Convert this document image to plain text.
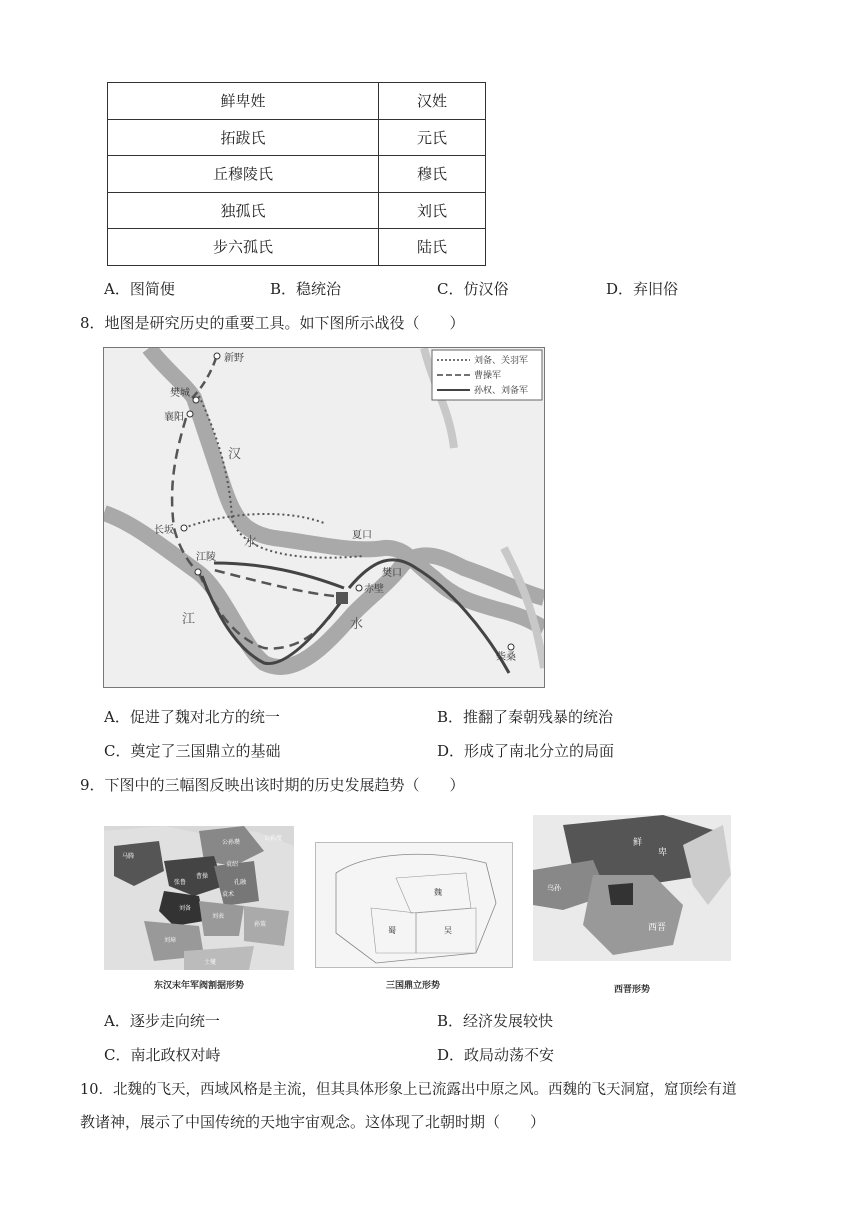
鲜卑姓	汉姓
拓跋氏	元氏
丘穆陵氏	穆氏
独孤氏	刘氏
步六孤氏	陆氏
A．图简便	B．稳统治	C．仿汉俗	D．弃旧俗
8．地图是研究历史的重要工具。如下图所示战役（　　）
新野
樊城
襄阳
长坂
江陵
夏口
樊口
赤壁
柴桑
汉
水
江	水
刘备、关羽军
曹操军
孙权、刘备军
A．促进了魏对北方的统一	B．推翻了秦朝残暴的统治
C．奠定了三国鼎立的基础	D．形成了南北分立的局面
9．下图中的三幅图反映出该时期的历史发展趋势（　　）
马腾
公孙瓒
袁绍
公孙度
张鲁
曹操
刘备
刘表
孙策
刘璋
士燮
孔融
袁术
东汉末年军阀割据形势
魏
蜀	吴
三国鼎立形势
鲜
卑
西晋
乌孙
西晋形势
A．逐步走向统一	B．经济发展较快
C．南北政权对峙	D．政局动荡不安
10．北魏的飞天，西域风格是主流，但其具体形象上已流露出中原之风。西魏的飞天洞窟，窟顶绘有道
教诸神，展示了中国传统的天地宇宙观念。这体现了北朝时期（　　）
